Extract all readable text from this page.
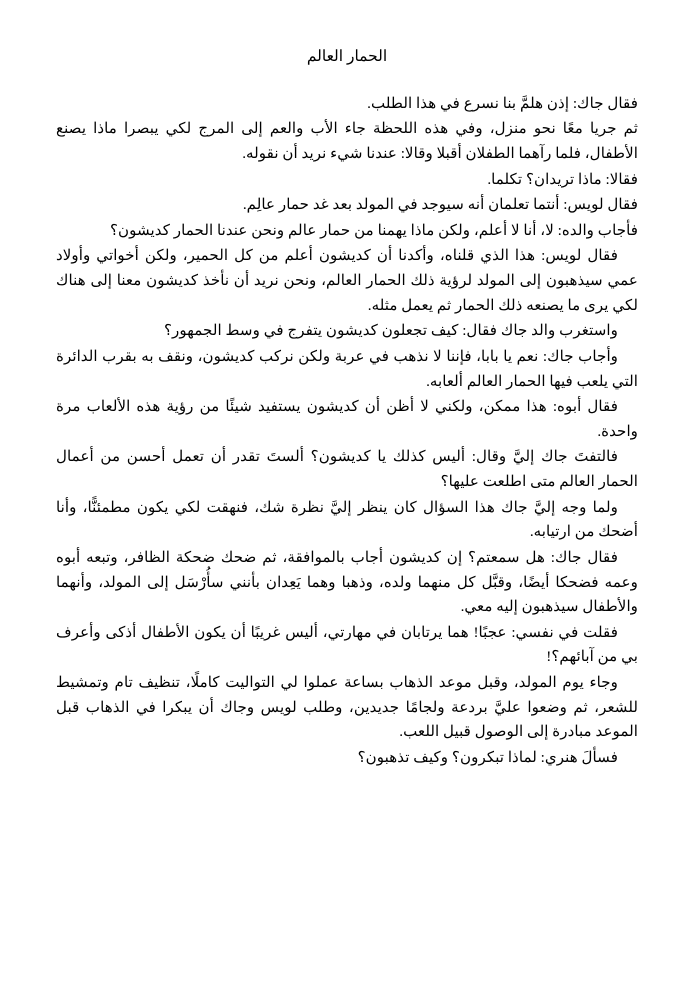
الحمار العالم

فقال جاك: إذن هلمَّ بنا نسرع في هذا الطلب.

ثم جريا معًا نحو منزل، وفي هذه اللحظة جاء الأب والعم إلى المرج لكي يبصرا ماذا يصنع الأطفال، فلما رآهما الطفلان أقبلا وقالا: عندنا شيء نريد أن نقوله.

فقالا: ماذا تريدان؟ تكلما.

فقال لويس: أنتما تعلمان أنه سيوجد في المولد بعد غد حمار عالِم.

فأجاب والده: لا، أنا لا أعلم، ولكن ماذا يهمنا من حمار عالم ونحن عندنا الحمار كديشون؟

فقال لويس: هذا الذي قلناه، وأكدنا أن كديشون أعلم من كل الحمير، ولكن أخواتي وأولاد عمي سيذهبون إلى المولد لرؤية ذلك الحمار العالم، ونحن نريد أن نأخذ كديشون معنا إلى هناك لكي يرى ما يصنعه ذلك الحمار ثم يعمل مثله.

واستغرب والد جاك فقال: كيف تجعلون كديشون يتفرج في وسط الجمهور؟

وأجاب جاك: نعم يا بابا، فإننا لا نذهب في عربة ولكن نركب كديشون، ونقف به بقرب الدائرة التي يلعب فيها الحمار العالم ألعابه.

فقال أبوه: هذا ممكن، ولكني لا أظن أن كديشون يستفيد شيئًا من رؤية هذه الألعاب مرة واحدة.

فالتفتَ جاك إليَّ وقال: أليس كذلك يا كديشون؟ ألستَ تقدر أن تعمل أحسن من أعمال الحمار العالم متى اطلعت عليها؟

ولما وجه إليَّ جاك هذا السؤال كان ينظر إليَّ نظرة شك، فنهقت لكي يكون مطمئنًّا، وأنا أضحك من ارتيابه.

فقال جاك: هل سمعتم؟ إن كديشون أجاب بالموافقة، ثم ضحك ضحكة الظافر، وتبعه أبوه وعمه فضحكا أيضًا، وقبَّل كل منهما ولده، وذهبا وهما يَعِدان بأنني سأُرْسَل إلى المولد، وأنهما والأطفال سيذهبون إليه معي.

فقلت في نفسي: عجبًا! هما يرتابان في مهارتي، أليس غريبًا أن يكون الأطفال أذكى وأعرف بي من آبائهم؟!

وجاء يوم المولد، وقبل موعد الذهاب بساعة عملوا لي التواليت كاملًا، تنظيف تام وتمشيط للشعر، ثم وضعوا عليَّ بردعة ولجامًا جديدين، وطلب لويس وجاك أن يبكرا في الذهاب قبل الموعد مبادرة إلى الوصول قبيل اللعب.

فسألَ هنري: لماذا تبكرون؟ وكيف تذهبون؟
